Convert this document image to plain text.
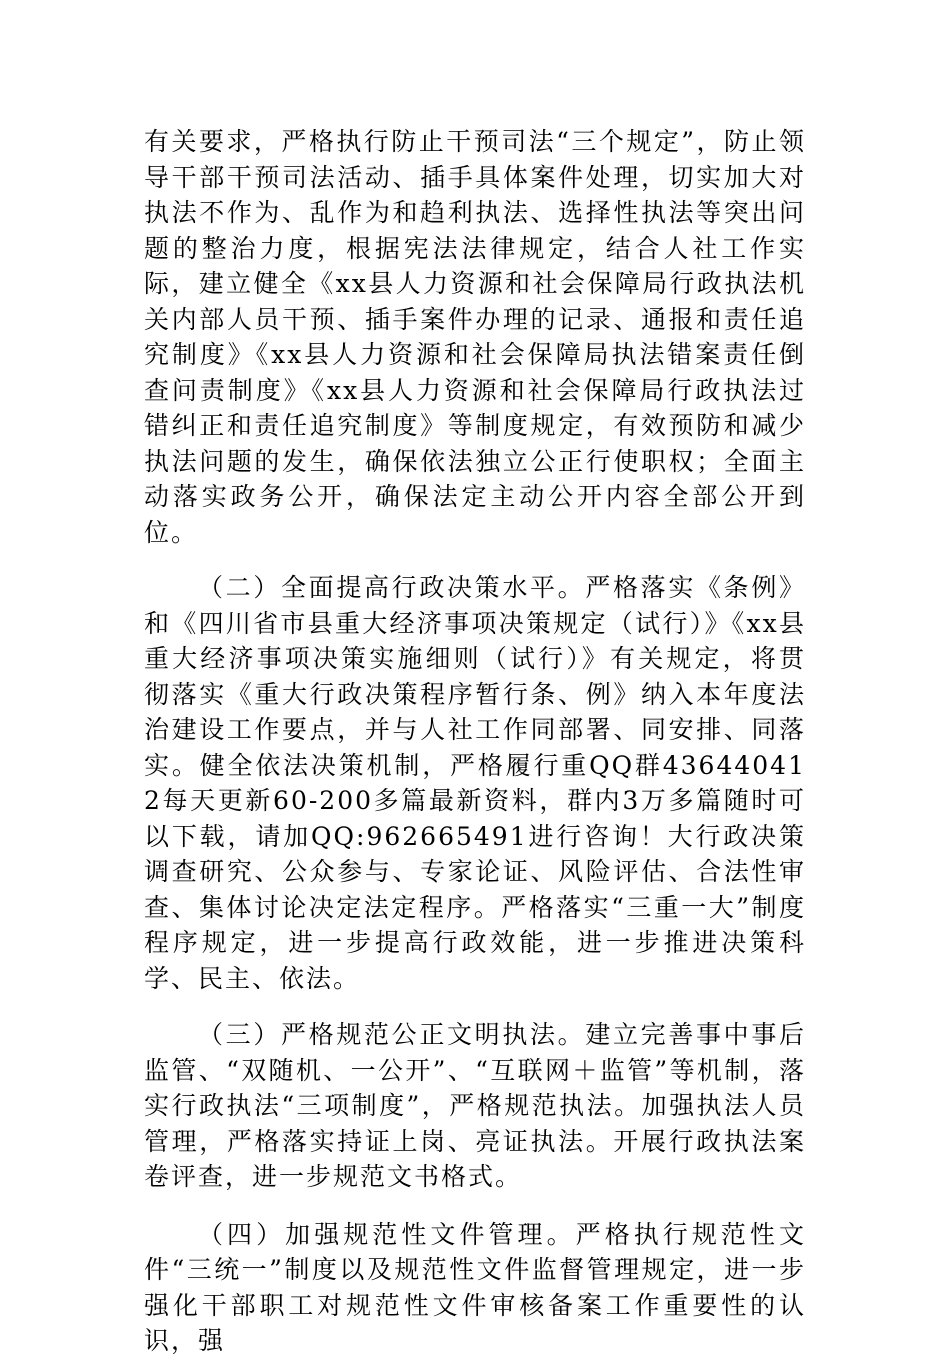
有关要求，严格执行防止干预司法“三个规定”，防止领导干部干预司法活动、插手具体案件处理，切实加大对执法不作为、乱作为和趋利执法、选择性执法等突出问题的整治力度，根据宪法法律规定，结合人社工作实际，建立健全《xx县人力资源和社会保障局行政执法机关内部人员干预、插手案件办理的记录、通报和责任追究制度》《xx县人力资源和社会保障局执法错案责任倒查问责制度》《xx县人力资源和社会保障局行政执法过错纠正和责任追究制度》等制度规定，有效预防和减少执法问题的发生，确保依法独立公正行使职权；全面主动落实政务公开，确保法定主动公开内容全部公开到位。

（二）全面提高行政决策水平。严格落实《条例》和《四川省市县重大经济事项决策规定（试行）》《xx县重大经济事项决策实施细则（试行）》有关规定，将贯彻落实《重大行政决策程序暂行条、例》纳入本年度法治建设工作要点，并与人社工作同部署、同安排、同落实。健全依法决策机制，严格履行重QQ群436440412每天更新60-200多篇最新资料，群内3万多篇随时可以下载，请加QQ:962665491进行咨询！大行政决策调查研究、公众参与、专家论证、风险评估、合法性审查、集体讨论决定法定程序。严格落实“三重一大”制度程序规定，进一步提高行政效能，进一步推进决策科学、民主、依法。

（三）严格规范公正文明执法。建立完善事中事后监管、“双随机、一公开”、“互联网＋监管”等机制，落实行政执法“三项制度”，严格规范执法。加强执法人员管理，严格落实持证上岗、亮证执法。开展行政执法案卷评查，进一步规范文书格式。

（四）加强规范性文件管理。严格执行规范性文件“三统一”制度以及规范性文件监督管理规定，进一步强化干部职工对规范性文件审核备案工作重要性的认识，强
